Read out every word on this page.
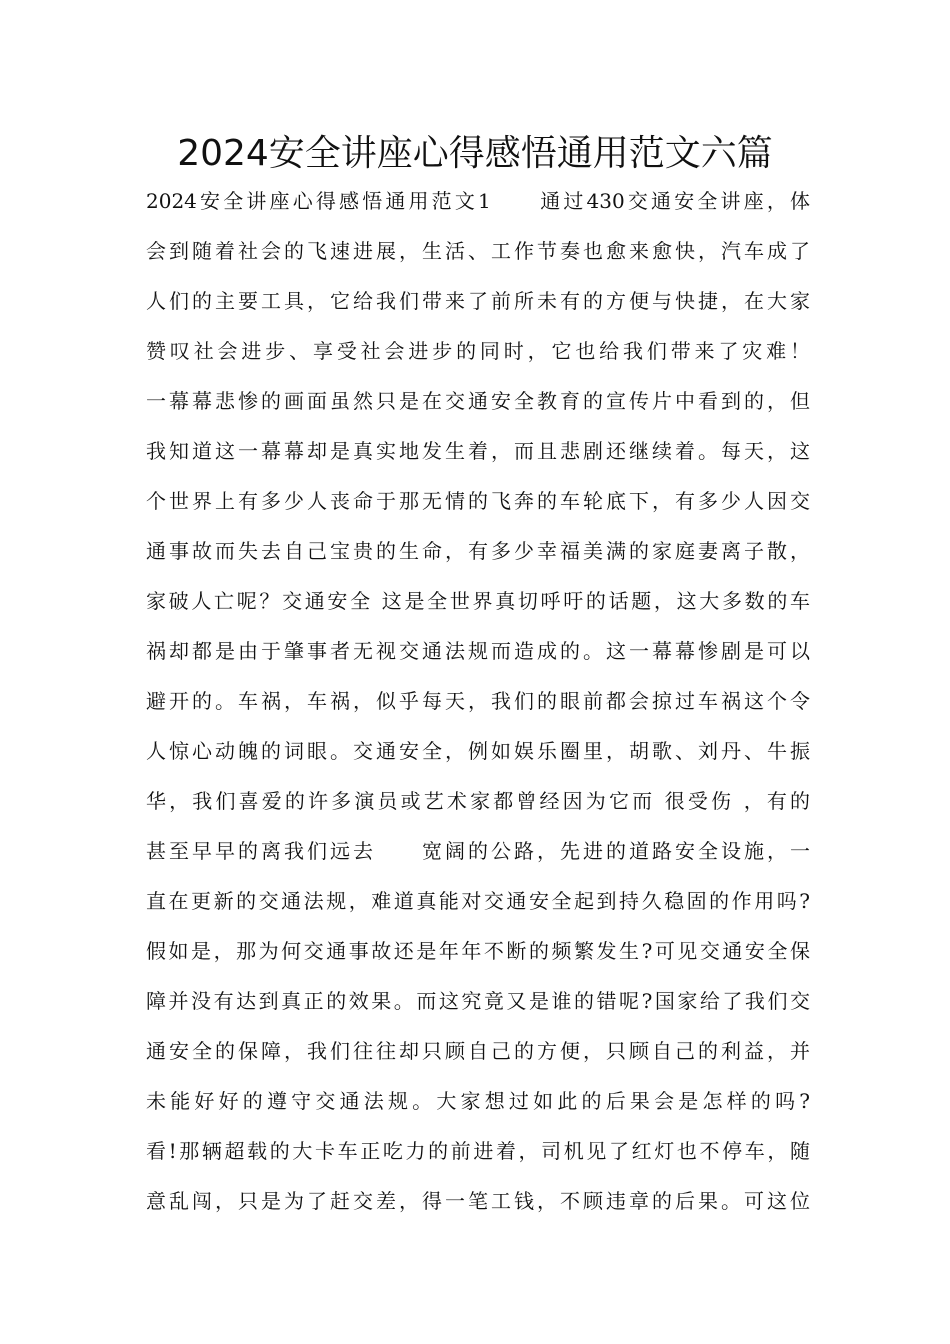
2024安全讲座心得感悟通用范文六篇
2024安全讲座心得感悟通用范文1　　通过430交通安全讲座，体
会到随着社会的飞速进展，生活、工作节奏也愈来愈快，汽车成了
人们的主要工具，它给我们带来了前所未有的方便与快捷，在大家
赞叹社会进步、享受社会进步的同时，它也给我们带来了灾难！
一幕幕悲惨的画面虽然只是在交通安全教育的宣传片中看到的，但
我知道这一幕幕却是真实地发生着，而且悲剧还继续着。每天，这
个世界上有多少人丧命于那无情的飞奔的车轮底下，有多少人因交
通事故而失去自己宝贵的生命，有多少幸福美满的家庭妻离子散，
家破人亡呢？交通安全 这是全世界真切呼吁的话题，这大多数的车
祸却都是由于肇事者无视交通法规而造成的。这一幕幕惨剧是可以
避开的。车祸，车祸，似乎每天，我们的眼前都会掠过车祸这个令
人惊心动魄的词眼。交通安全，例如娱乐圈里，胡歌、刘丹、牛振
华，我们喜爱的许多演员或艺术家都曾经因为它而 很受伤 ，有的
甚至早早的离我们远去　　宽阔的公路，先进的道路安全设施，一
直在更新的交通法规，难道真能对交通安全起到持久稳固的作用吗?
假如是，那为何交通事故还是年年不断的频繁发生?可见交通安全保
障并没有达到真正的效果。而这究竟又是谁的错呢?国家给了我们交
通安全的保障，我们往往却只顾自己的方便，只顾自己的利益，并
未能好好的遵守交通法规。大家想过如此的后果会是怎样的吗?
看!那辆超载的大卡车正吃力的前进着，司机见了红灯也不停车，随
意乱闯，只是为了赶交差，得一笔工钱，不顾违章的后果。可这位
